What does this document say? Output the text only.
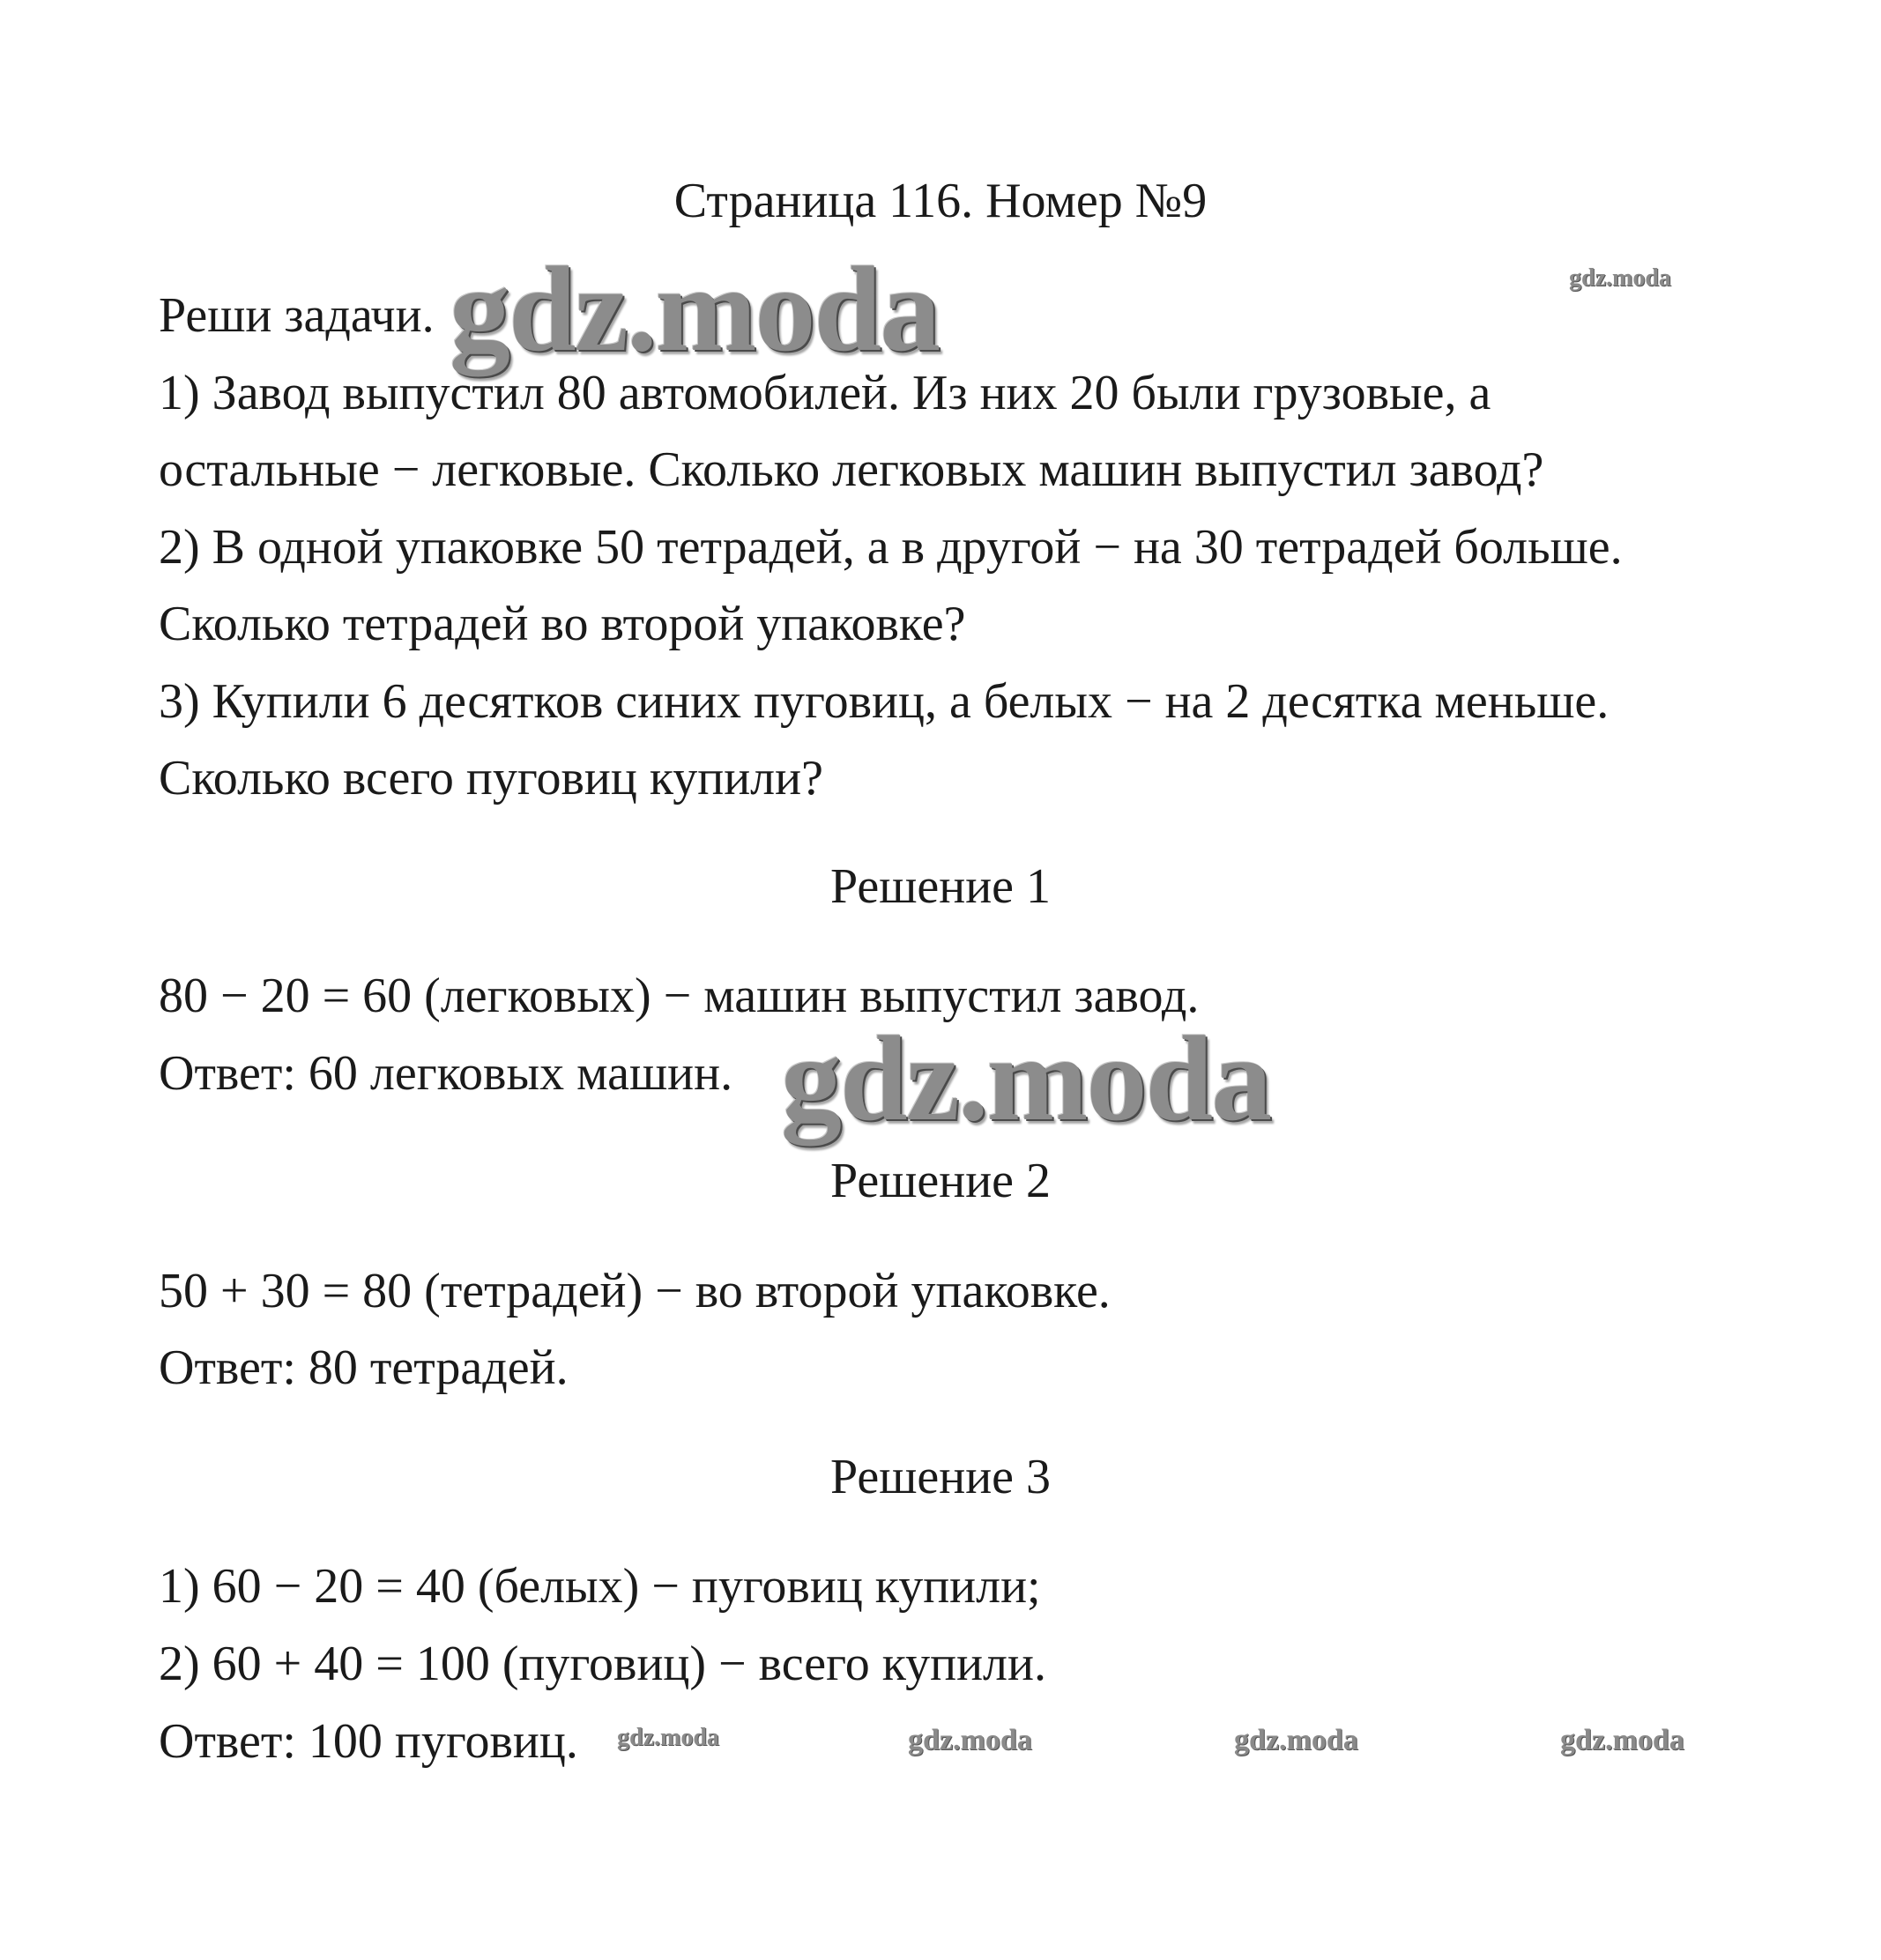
Страница 116. Номер №9
Реши задачи.
1) Завод выпустил 80 автомобилей. Из них 20 были грузовые, а
остальные − легковые. Сколько легковых машин выпустил завод?
2) В одной упаковке 50 тетрадей, а в другой − на 30 тетрадей больше.
Сколько тетрадей во второй упаковке?
3) Купили 6 десятков синих пуговиц, а белых − на 2 десятка меньше.
Сколько всего пуговиц купили?
Решение 1
80 − 20 = 60 (легковых) − машин выпустил завод.
Ответ: 60 легковых машин.
Решение 2
50 + 30 = 80 (тетрадей) − во второй упаковке.
Ответ: 80 тетрадей.
Решение 3
1) 60 − 20 = 40 (белых) − пуговиц купили;
2) 60 + 40 = 100 (пуговиц) − всего купили.
Ответ: 100 пуговиц.
gdz.moda
gdz.moda
gdz.moda
gdz.moda	gdz.moda	gdz.moda	gdz.moda
